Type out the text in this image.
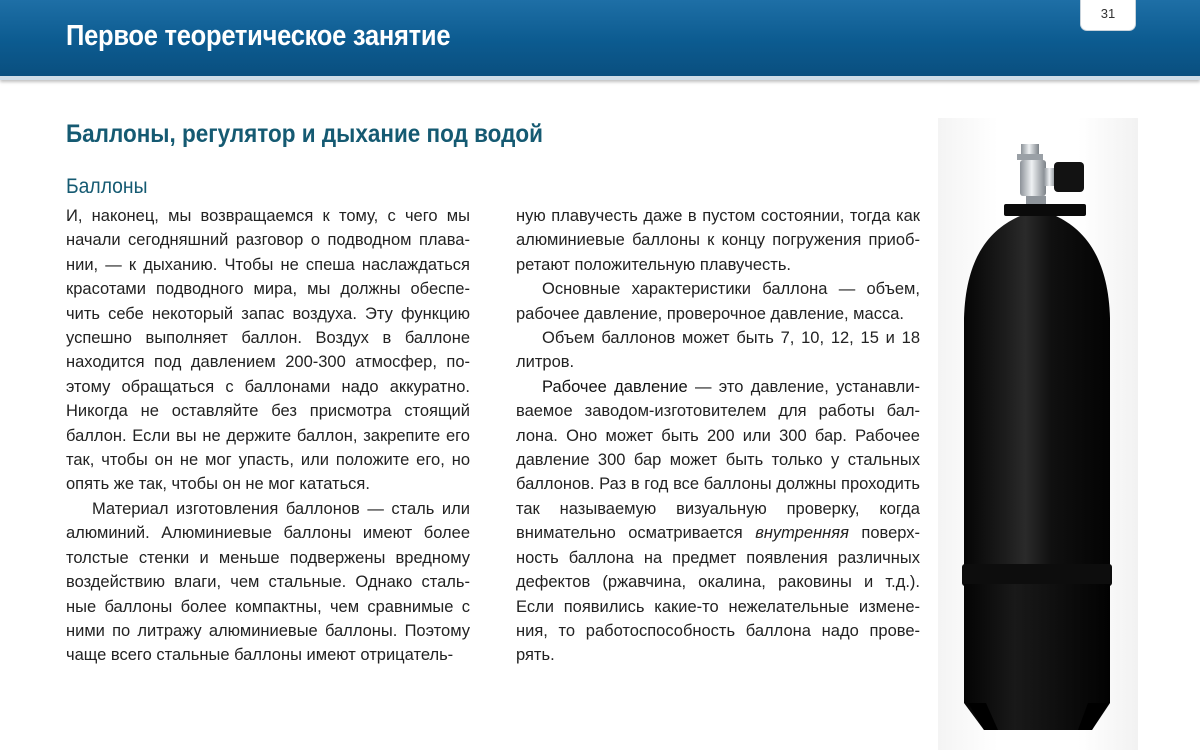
Первое теоретическое занятие
31
Баллоны, регулятор и дыхание под водой
Баллоны

И, наконец, мы возвращаемся к тому, с чего мы начали сегодняшний разговор о подводном плавании, — к дыханию. Чтобы не спеша наслаждаться красотами подводного мира, мы должны обеспечить себе некоторый запас воздуха. Эту функцию успешно выполняет баллон. Воздух в баллоне находится под давлением 200-300 атмосфер, поэтому обращаться с баллонами надо аккуратно. Никогда не оставляйте без присмотра стоящий баллон. Если вы не держите баллон, закрепите его так, чтобы он не мог упасть, или положите его, но опять же так, чтобы он не мог кататься.

Материал изготовления баллонов — сталь или алюминий. Алюминиевые баллоны имеют более толстые стенки и меньше подвержены вредному воздействию влаги, чем стальные. Однако стальные баллоны более компактны, чем сравнимые с ними по литражу алюминиевые баллоны. Поэтому чаще всего стальные баллоны имеют отрицатель-

ную плавучесть даже в пустом состоянии, тогда как алюминиевые баллоны к концу погружения приобретают положительную плавучесть.

Основные характеристики баллона — объем, рабочее давление, проверочное давление, масса.

Объем баллонов может быть 7, 10, 12, 15 и 18 литров.

Рабочее давление — это давление, устанавливаемое заводом-изготовителем для работы баллона. Оно может быть 200 или 300 бар. Рабочее давление 300 бар может быть только у стальных баллонов. Раз в год все баллоны должны проходить так называемую визуальную проверку, когда внимательно осматривается внутренняя поверхность баллона на предмет появления различных дефектов (ржавчина, окалина, раковины и т.д.). Если появились какие-то нежелательные изменения, то работоспособность баллона надо проверять.
